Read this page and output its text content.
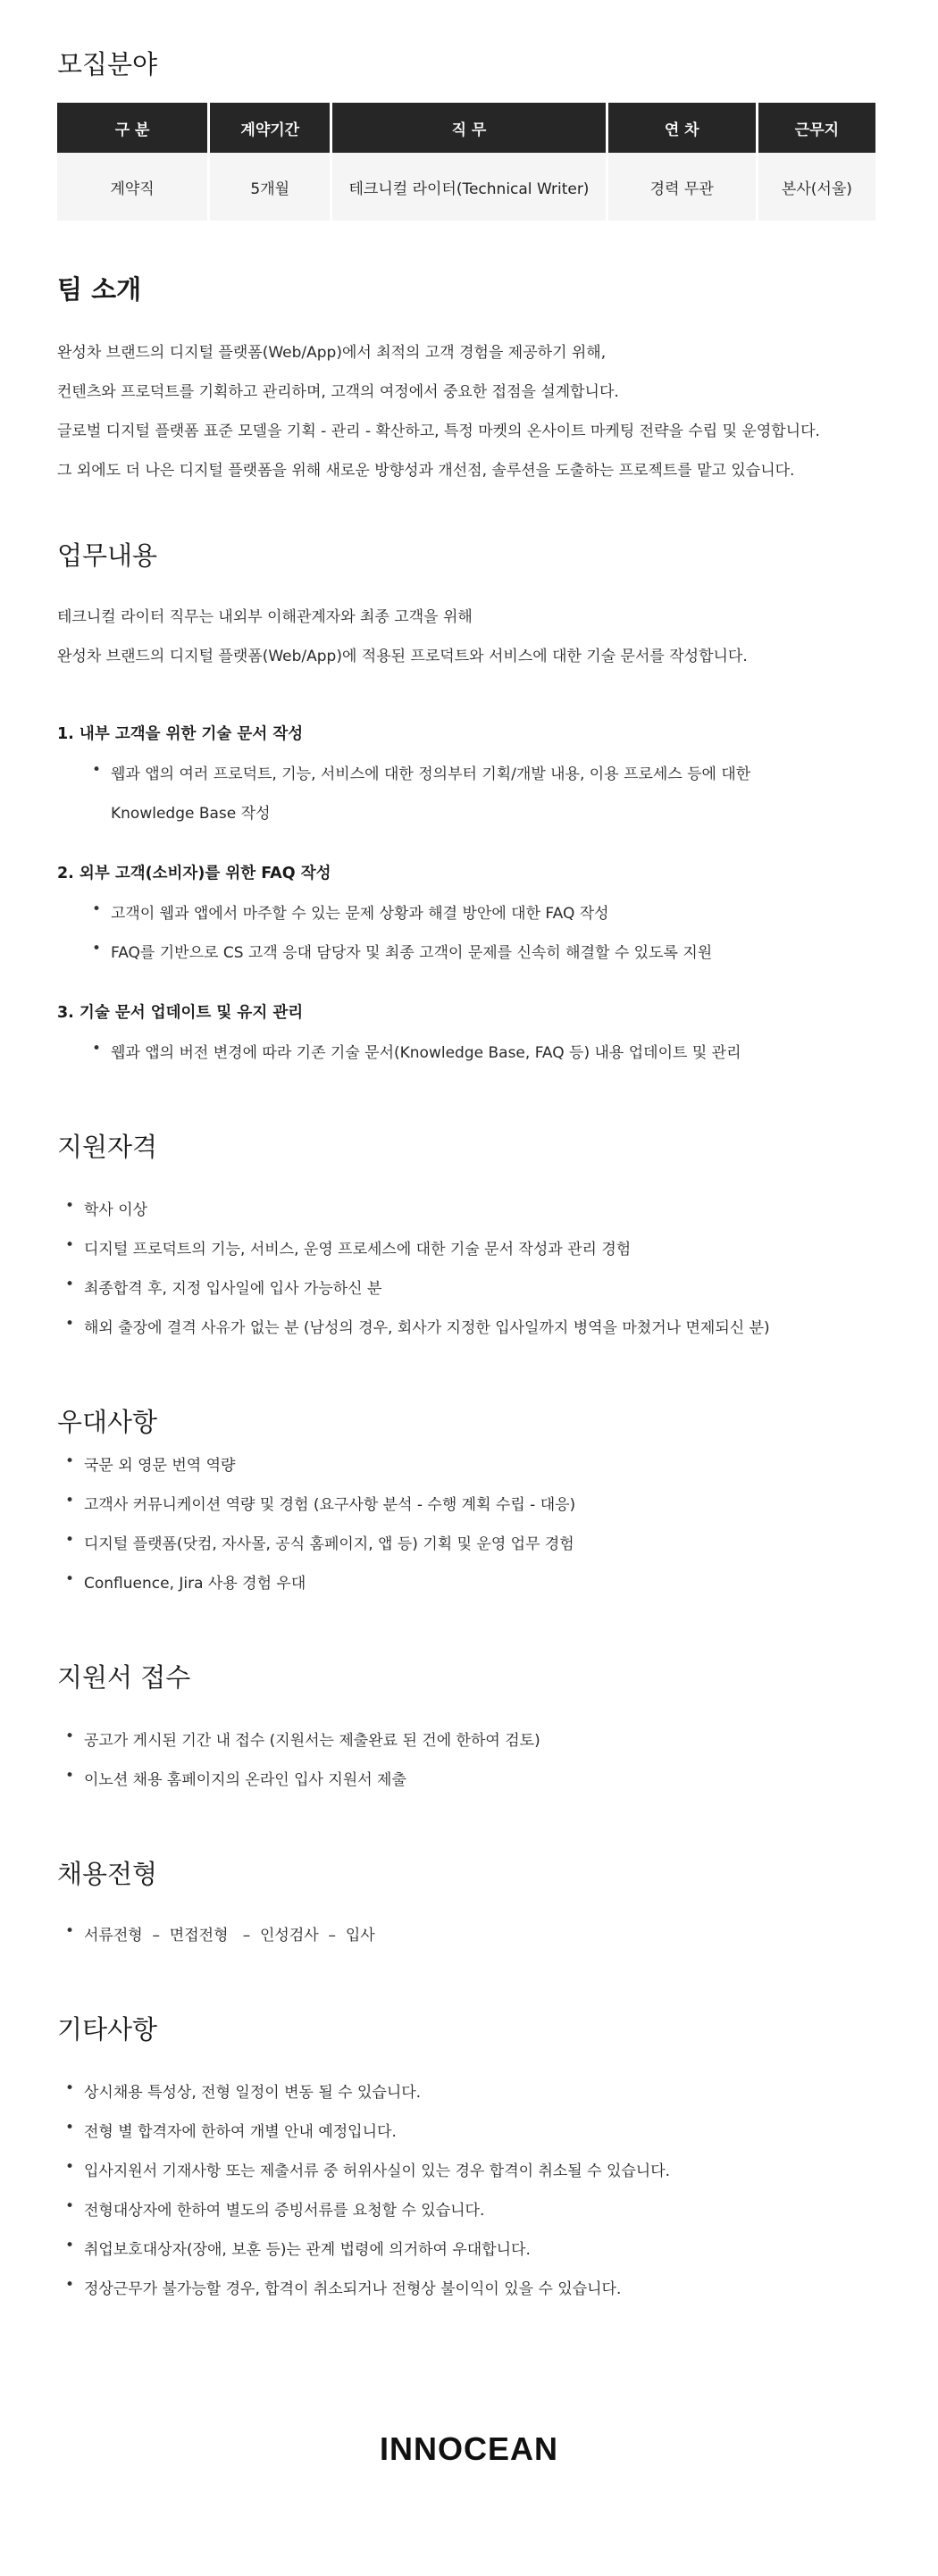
모집분야
구 분	계약기간	직 무	연 차	근무지
계약직	5개월	테크니컬 라이터(Technical Writer)	경력 무관	본사(서울)
팀 소개
완성차 브랜드의 디지털 플랫폼(Web/App)에서 최적의 고객 경험을 제공하기 위해,
컨텐츠와 프로덕트를 기획하고 관리하며, 고객의 여정에서 중요한 접점을 설계합니다.
글로벌 디지털 플랫폼 표준 모델을 기획 - 관리 - 확산하고, 특정 마켓의 온사이트 마케팅 전략을 수립 및 운영합니다.
그 외에도 더 나은 디지털 플랫폼을 위해 새로운 방향성과 개선점, 솔루션을 도출하는 프로젝트를 맡고 있습니다.
업무내용
테크니컬 라이터 직무는 내외부 이해관계자와 최종 고객을 위해
완성차 브랜드의 디지털 플랫폼(Web/App)에 적용된 프로덕트와 서비스에 대한 기술 문서를 작성합니다.
1. 내부 고객을 위한 기술 문서 작성
• 웹과 앱의 여러 프로덕트, 기능, 서비스에 대한 정의부터 기획/개발 내용, 이용 프로세스 등에 대한
Knowledge Base 작성
2. 외부 고객(소비자)를 위한 FAQ 작성
• 고객이 웹과 앱에서 마주할 수 있는 문제 상황과 해결 방안에 대한 FAQ 작성
• FAQ를 기반으로 CS 고객 응대 담당자 및 최종 고객이 문제를 신속히 해결할 수 있도록 지원
3. 기술 문서 업데이트 및 유지 관리
• 웹과 앱의 버전 변경에 따라 기존 기술 문서(Knowledge Base, FAQ 등) 내용 업데이트 및 관리
지원자격
• 학사 이상
• 디지털 프로덕트의 기능, 서비스, 운영 프로세스에 대한 기술 문서 작성과 관리 경험
• 최종합격 후, 지정 입사일에 입사 가능하신 분
• 해외 출장에 결격 사유가 없는 분 (남성의 경우, 회사가 지정한 입사일까지 병역을 마쳤거나 면제되신 분)
우대사항
• 국문 외 영문 번역 역량
• 고객사 커뮤니케이션 역량 및 경험 (요구사항 분석 - 수행 계획 수립 - 대응)
• 디지털 플랫폼(닷컴, 자사몰, 공식 홈페이지, 앱 등) 기획 및 운영 업무 경험
• Confluence, Jira 사용 경험 우대
지원서 접수
• 공고가 게시된 기간 내 접수 (지원서는 제출완료 된 건에 한하여 검토)
• 이노션 채용 홈페이지의 온라인 입사 지원서 제출
채용전형
• 서류전형  –  면접전형   –  인성검사  –  입사
기타사항
• 상시채용 특성상, 전형 일정이 변동 될 수 있습니다.
• 전형 별 합격자에 한하여 개별 안내 예정입니다.
• 입사지원서 기재사항 또는 제출서류 중 허위사실이 있는 경우 합격이 취소될 수 있습니다.
• 전형대상자에 한하여 별도의 증빙서류를 요청할 수 있습니다.
• 취업보호대상자(장애, 보훈 등)는 관계 법령에 의거하여 우대합니다.
• 정상근무가 불가능할 경우, 합격이 취소되거나 전형상 불이익이 있을 수 있습니다.
INNOCEAN
